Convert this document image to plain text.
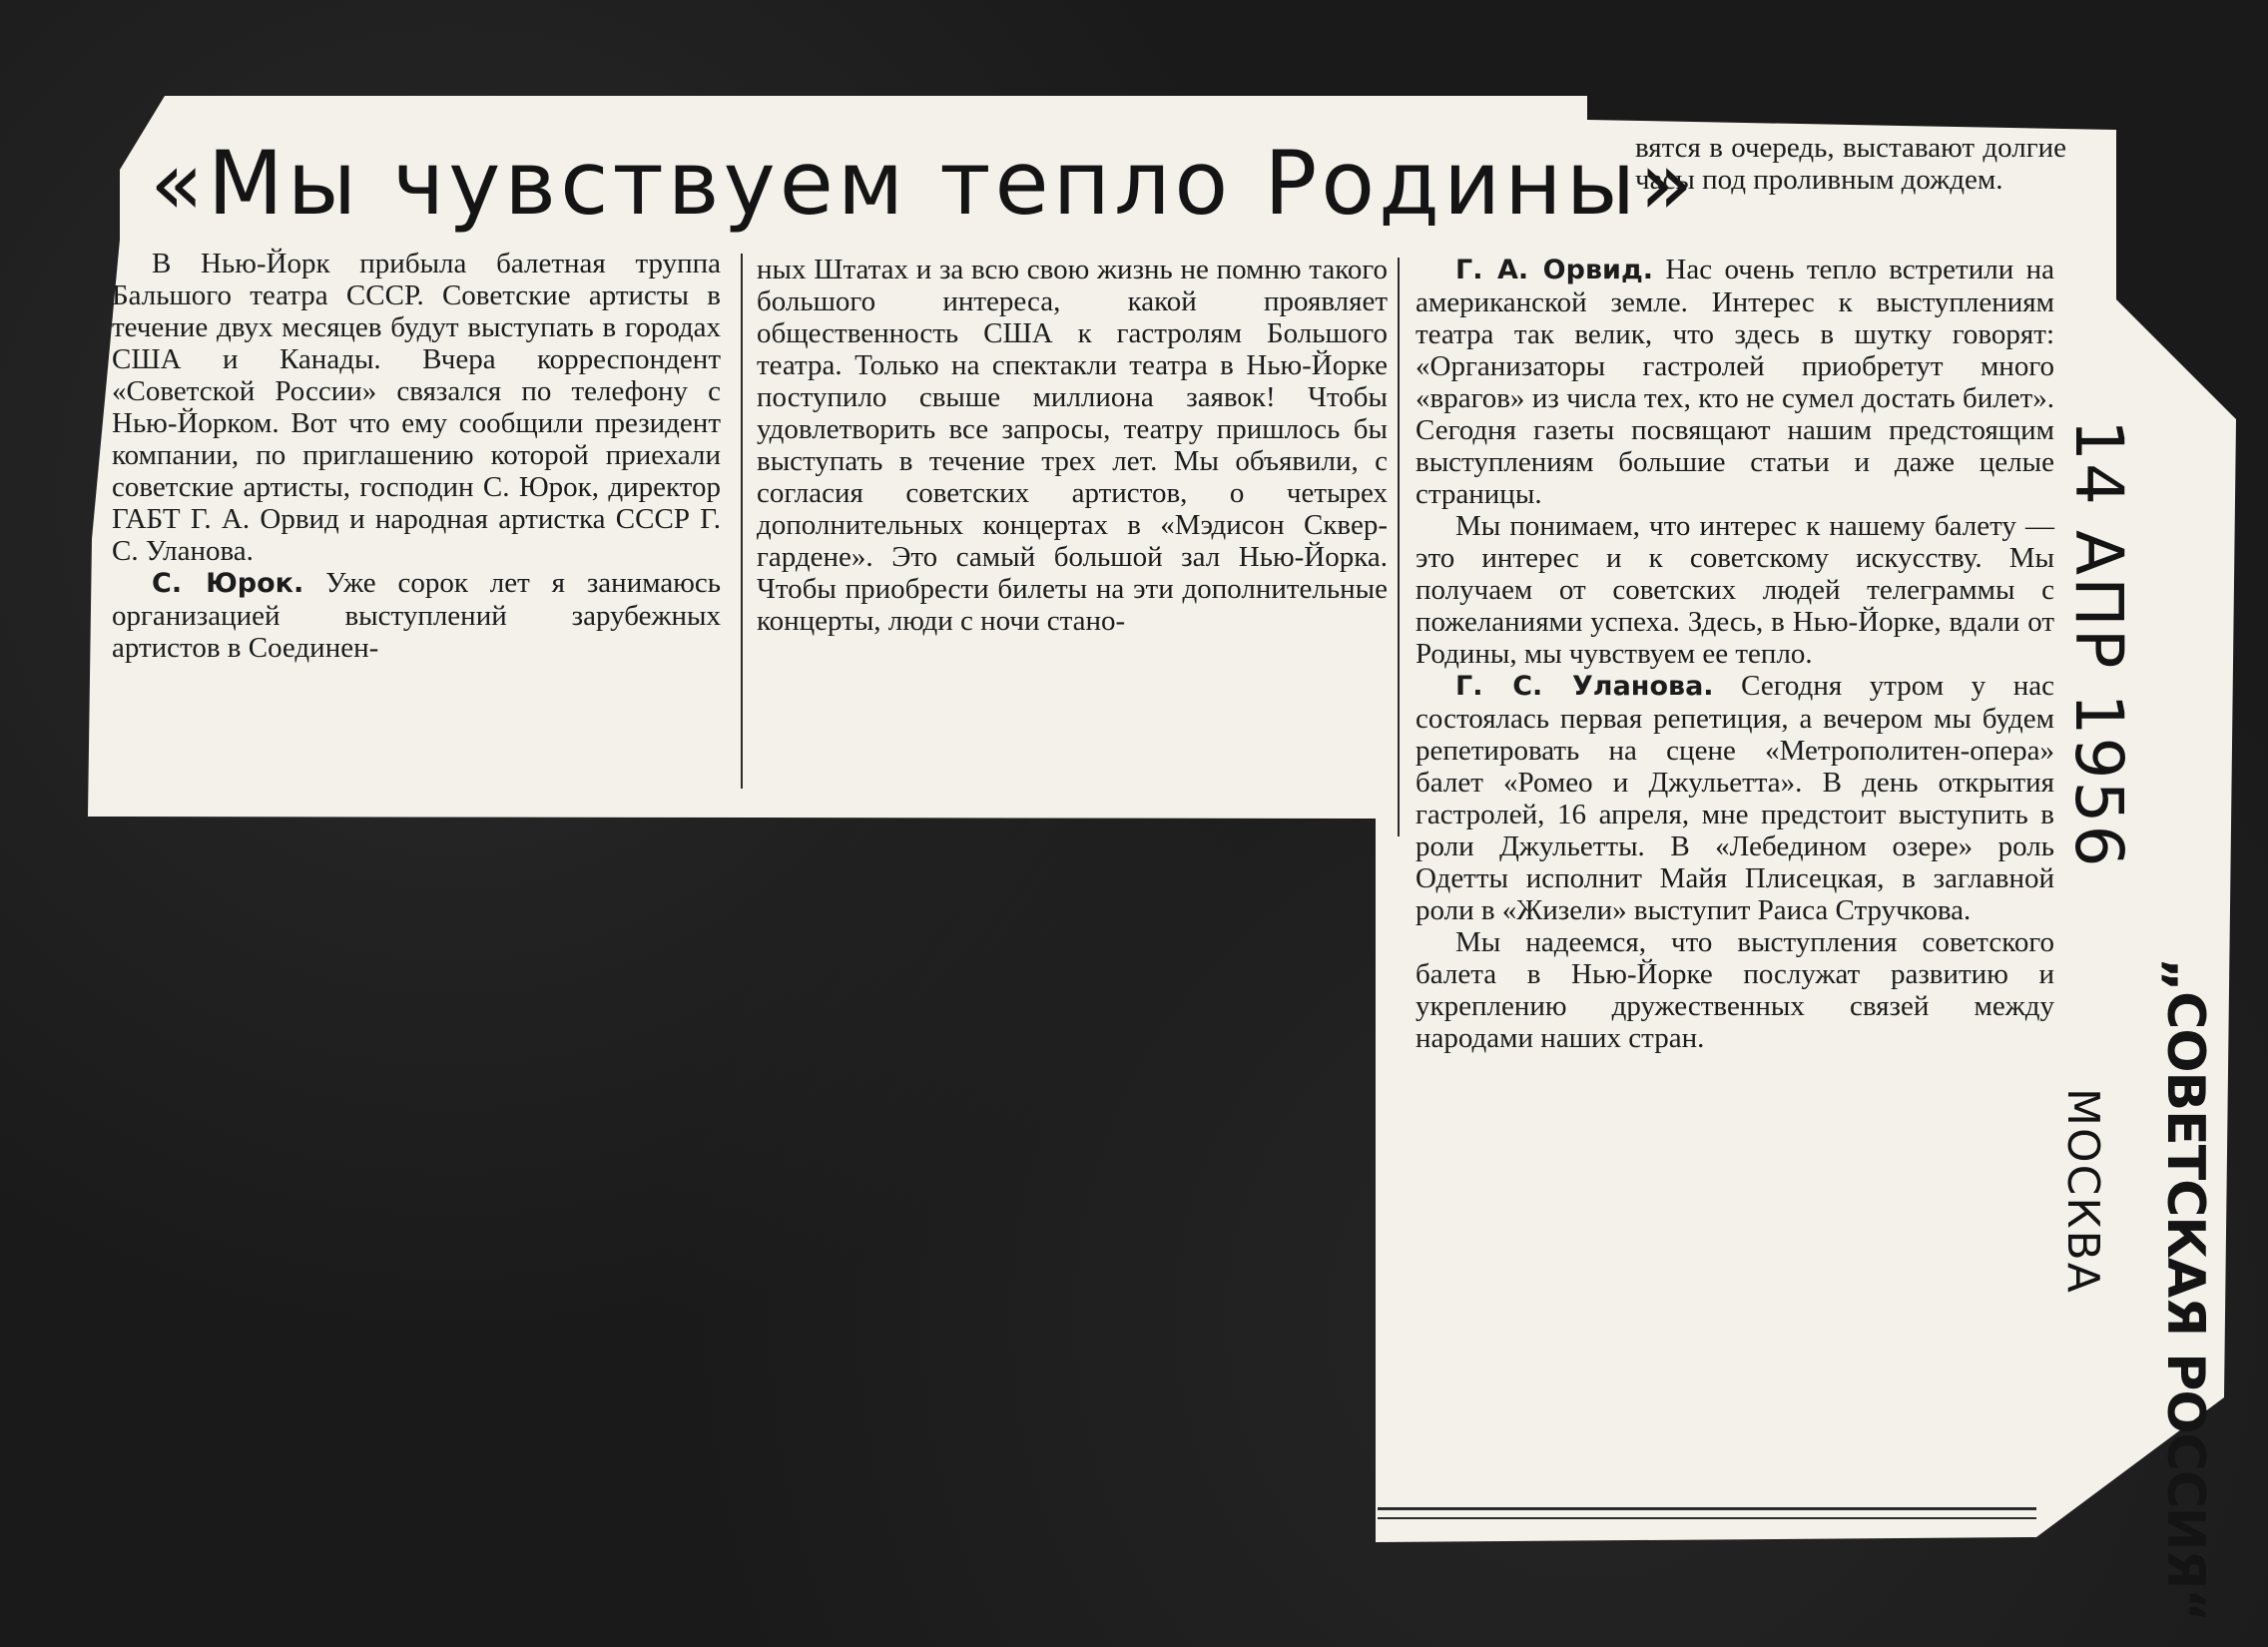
«Мы чувствуем тепло Родины»

В Нью-Йорк прибыла балетная труппа Бальшого театра СССР. Советские артисты в течение двух месяцев будут выступать в городах США и Канады. Вчера корреспондент «Советской России» связался по телефону с Нью-Йорком. Вот что ему сообщили президент компании, по приглашению которой приехали советские артисты, господин С. Юрок, директор ГАБТ Г. А. Орвид и народная артистка СССР Г. С. Уланова.

С. Юрок. Уже сорок лет я занимаюсь организацией выступлений зарубежных артистов в Соединен-

ных Штатах и за всю свою жизнь не помню такого большого интереса, какой проявляет общественность США к гастролям Большого театра. Только на спектакли театра в Нью-Йорке поступило свыше миллиона заявок! Чтобы удовлетворить все запросы, театру пришлось бы выступать в течение трех лет. Мы объявили, с согласия советских артистов, о четырех дополнительных концертах в «Мэдисон Сквер-гардене». Это самый большой зал Нью-Йорка. Чтобы приобрести билеты на эти дополнительные концерты, люди с ночи стано-

вятся в очередь, выставают долгие часы под проливным дождем.

Г. А. Орвид. Нас очень тепло встретили на американской земле. Интерес к выступлениям театра так велик, что здесь в шутку говорят: «Организаторы гастролей приобретут много «врагов» из числа тех, кто не сумел достать билет». Сегодня газеты посвящают нашим предстоящим выступлениям большие статьи и даже целые страницы.

Мы понимаем, что интерес к нашему балету — это интерес и к советскому искусству. Мы получаем от советских людей телеграммы с пожеланиями успеха. Здесь, в Нью-Йорке, вдали от Родины, мы чувствуем ее тепло.

Г. С. Уланова. Сегодня утром у нас состоялась первая репетиция, а вечером мы будем репетировать на сцене «Метрополитен-опера» балет «Ромео и Джульетта». В день открытия гастролей, 16 апреля, мне предстоит выступить в роли Джульетты. В «Лебедином озере» роль Одетты исполнит Майя Плисецкая, в заглавной роли в «Жизели» выступит Раиса Стручкова.

Мы надеемся, что выступления советского балета в Нью-Йорке послужат развитию и укреплению дружественных связей между народами наших стран.

14 АПР 1956
„СОВЕТСКАЯ РОССИЯ“
МОСКВА
